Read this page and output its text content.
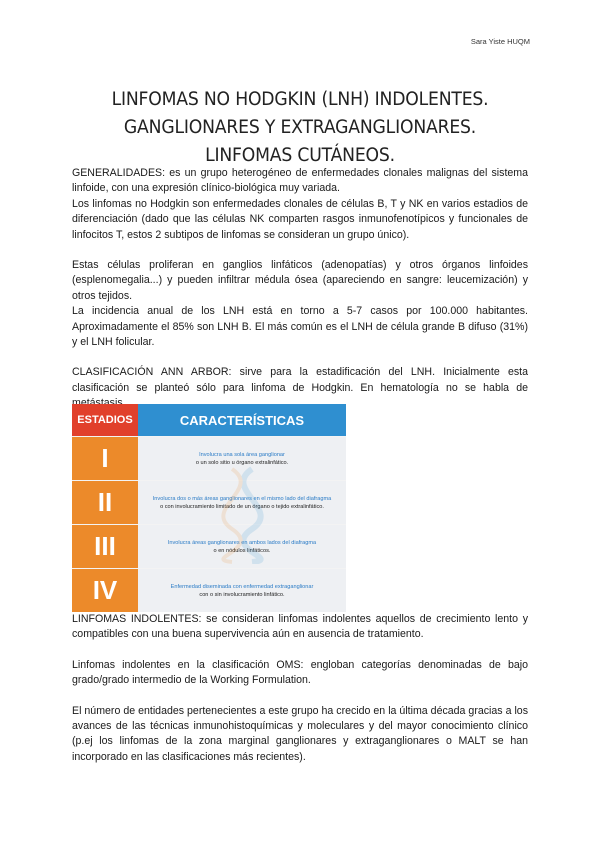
Sara Yiste HUQM
LINFOMAS NO HODGKIN (LNH) INDOLENTES. GANGLIONARES Y EXTRAGANGLIONARES. LINFOMAS CUTÁNEOS.

GENERALIDADES: es un grupo heterogéneo de enfermedades clonales malignas del sistema linfoide, con una expresión clínico-biológica muy variada.

Los linfomas no Hodgkin son enfermedades clonales de células B, T y NK en varios estadios de diferenciación (dado que las células NK comparten rasgos inmunofenotípicos y funcionales de linfocitos T, estos 2 subtipos de linfomas se consideran un grupo único).

Estas células proliferan en ganglios linfáticos (adenopatías) y otros órganos linfoides (esplenomegalia...) y pueden infiltrar médula ósea (apareciendo en sangre: leucemización) y otros tejidos.

La incidencia anual de los LNH está en torno a 5-7 casos por 100.000 habitantes. Aproximadamente el 85% son LNH B. El más común es el LNH de célula grande B difuso (31%) y el LNH folicular.

CLASIFICACIÓN ANN ARBOR: sirve para la estadificación del LNH. Inicialmente esta clasificación se planteó sólo para linfoma de Hodgkin. En hematología no se habla de

ESTADIOS	CARACTERÍSTICAS
I	Involucra una sola área ganglionar
o un solo sitio u órgano extralinfático.
II	Involucra dos o más áreas ganglionares en el mismo lado del diafragma
o con involucramiento limitado de un órgano o tejido extralinfático.
III	Involucra áreas ganglionares en ambos lados del diafragma
o en nódulos linfáticos.
IV	Enfermedad diseminada con enfermedad extraganglionar
con o sin involucramiento linfático.

LINFOMAS INDOLENTES: se consideran linfomas indolentes aquellos de crecimiento lento y compatibles con una buena supervivencia aún en ausencia de tratamiento.

Linfomas indolentes en la clasificación OMS: engloban categorías denominadas de bajo grado/grado intermedio de la Working Formulation.

El número de entidades pertenecientes a este grupo ha crecido en la última década gracias a los avances de las técnicas inmunohistoquímicas y moleculares y del mayor conocimiento clínico (p.ej los linfomas de la zona marginal ganglionares y extraganglionares o MALT se han incorporado en las clasificaciones más recientes).
